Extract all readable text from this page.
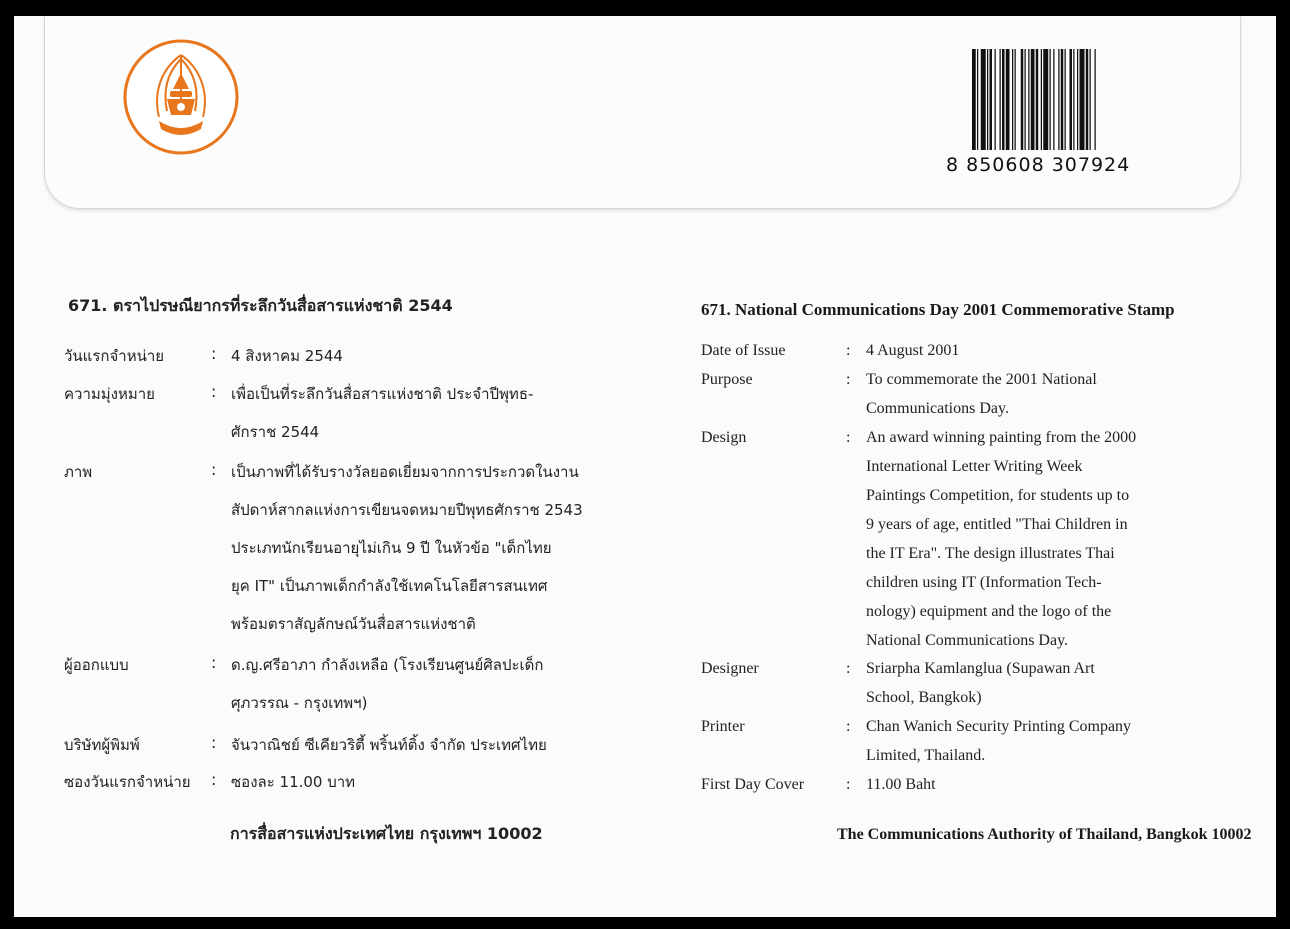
8 850608 307924
671. ตราไปรษณียากรที่ระลึกวันสื่อสารแห่งชาติ 2544
วันแรกจำหน่าย	: 4 สิงหาคม 2544
ความมุ่งหมาย	: เพื่อเป็นที่ระลึกวันสื่อสารแห่งชาติ ประจำปีพุทธ-
ศักราช 2544
ภาพ	: เป็นภาพที่ได้รับรางวัลยอดเยี่ยมจากการประกวดในงาน
สัปดาห์สากลแห่งการเขียนจดหมายปีพุทธศักราช 2543
ประเภทนักเรียนอายุไม่เกิน 9 ปี ในหัวข้อ "เด็กไทย
ยุค IT" เป็นภาพเด็กกำลังใช้เทคโนโลยีสารสนเทศ
พร้อมตราสัญลักษณ์วันสื่อสารแห่งชาติ
ผู้ออกแบบ	: ด.ญ.ศรีอาภา กำลังเหลือ (โรงเรียนศูนย์ศิลปะเด็ก
ศุภวรรณ - กรุงเทพฯ)
บริษัทผู้พิมพ์	: จันวาณิชย์ ซีเคียวริตี้ พริ้นท์ติ้ง จำกัด ประเทศไทย
ซองวันแรกจำหน่าย : ซองละ 11.00 บาท
671. National Communications Day 2001 Commemorative Stamp
Date of Issue	: 4 August 2001
Purpose	: To commemorate the 2001 National
Communications Day.
Design	: An award winning painting from the 2000
International Letter Writing Week
Paintings Competition, for students up to
9 years of age, entitled "Thai Children in
the IT Era". The design illustrates Thai
children using IT (Information Tech-
nology) equipment and the logo of the
National Communications Day.
Designer	: Sriarpha Kamlanglua (Supawan Art
School, Bangkok)
Printer	: Chan Wanich Security Printing Company
Limited, Thailand.
First Day Cover	: 11.00 Baht
การสื่อสารแห่งประเทศไทย กรุงเทพฯ 10002	The Communications Authority of Thailand, Bangkok 10002
